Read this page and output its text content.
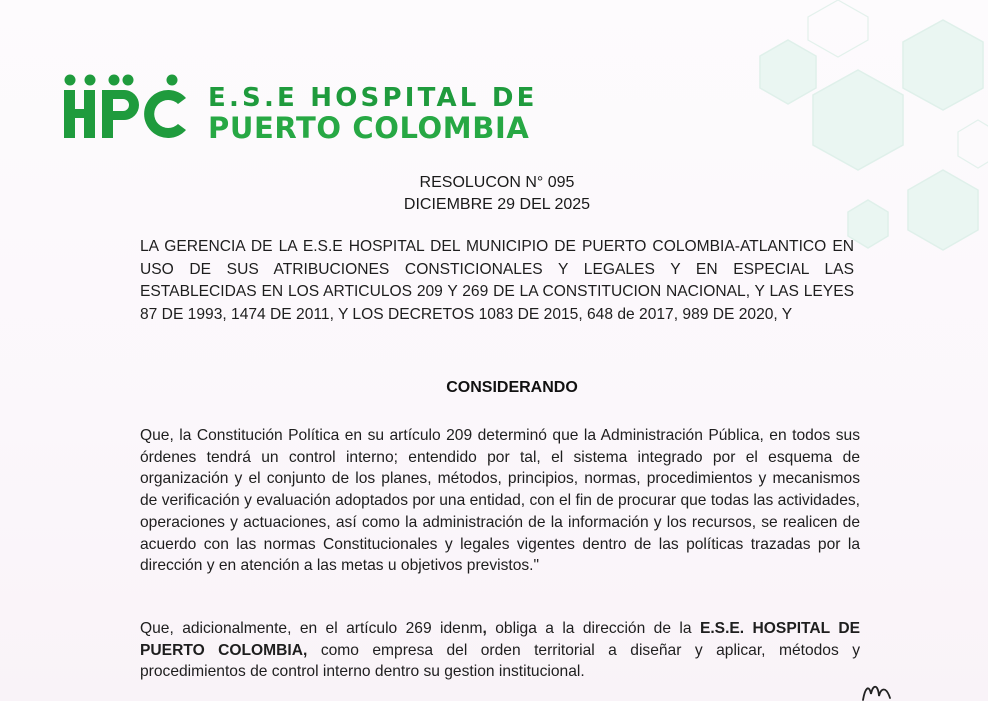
E.S.E HOSPITAL DE
PUERTO COLOMBIA
RESOLUCON N° 095
DICIEMBRE 29 DEL 2025
LA GERENCIA DE LA E.S.E HOSPITAL DEL MUNICIPIO DE PUERTO COLOMBIA-ATLANTICO EN USO DE SUS ATRIBUCIONES CONSTICIONALES Y LEGALES Y EN ESPECIAL LAS ESTABLECIDAS EN LOS ARTICULOS 209 Y 269 DE LA CONSTITUCION NACIONAL, Y LAS LEYES 87 DE 1993, 1474 DE 2011, Y LOS DECRETOS 1083 DE 2015, 648 de 2017, 989 DE 2020, Y
CONSIDERANDO
Que, la Constitución Política en su artículo 209 determinó que la Administración Pública, en todos sus órdenes tendrá un control interno; entendido por tal, el sistema integrado por el esquema de organización y el conjunto de los planes, métodos, principios, normas, procedimientos y mecanismos de verificación y evaluación adoptados por una entidad, con el fin de procurar que todas las actividades, operaciones y actuaciones, así como la administración de la información y los recursos, se realicen de acuerdo con las normas Constitucionales y legales vigentes dentro de las políticas trazadas por la dirección y en atención a las metas u objetivos previstos."
Que, adicionalmente, en el artículo 269 idenm, obliga a la dirección de la E.S.E. HOSPITAL DE PUERTO COLOMBIA, como empresa del orden territorial a diseñar y aplicar, métodos y procedimientos de control interno dentro su gestion institucional.
